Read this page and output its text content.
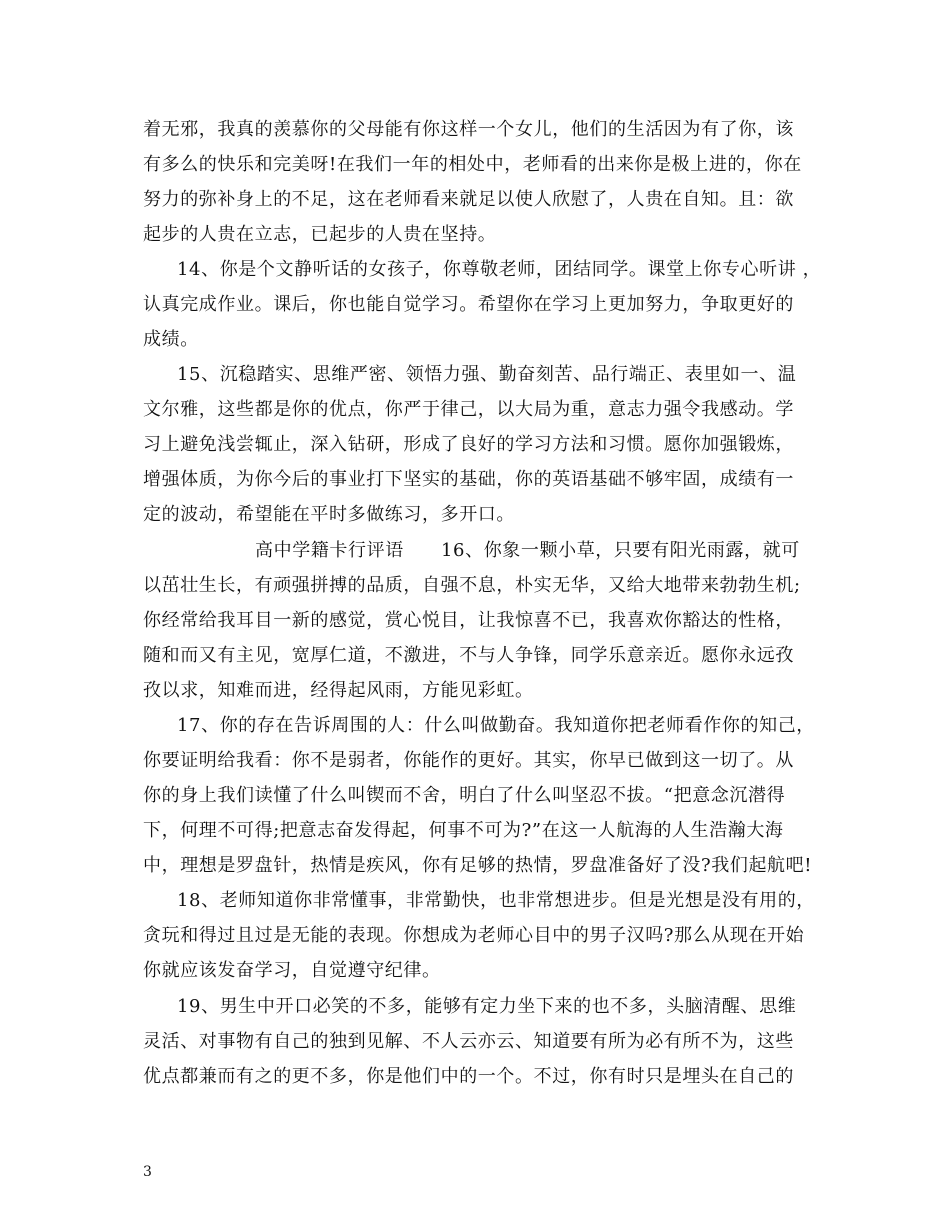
着无邪，我真的羡慕你的父母能有你这样一个女儿，他们的生活因为有了你，该
有多么的快乐和完美呀!在我们一年的相处中，老师看的出来你是极上进的，你在
努力的弥补身上的不足，这在老师看来就足以使人欣慰了，人贵在自知。且：欲
起步的人贵在立志，已起步的人贵在坚持。
14、你是个文静听话的女孩子，你尊敬老师，团结同学。课堂上你专心听讲 ，
认真完成作业。课后，你也能自觉学习。希望你在学习上更加努力，争取更好的
成绩。
15、沉稳踏实、思维严密、领悟力强、勤奋刻苦、品行端正、表里如一、温
文尔雅，这些都是你的优点，你严于律己，以大局为重，意志力强令我感动。学
习上避免浅尝辄止，深入钻研，形成了良好的学习方法和习惯。愿你加强锻炼，
增强体质，为你今后的事业打下坚实的基础，你的英语基础不够牢固，成绩有一
定的波动，希望能在平时多做练习，多开口。
高中学籍卡行评语　　16、你象一颗小草，只要有阳光雨露，就可
以茁壮生长，有顽强拼搏的品质，自强不息，朴实无华，又给大地带来勃勃生机;
你经常给我耳目一新的感觉，赏心悦目，让我惊喜不已，我喜欢你豁达的性格，
随和而又有主见，宽厚仁道，不激进，不与人争锋，同学乐意亲近。愿你永远孜
孜以求，知难而进，经得起风雨，方能见彩虹。
17、你的存在告诉周围的人：什么叫做勤奋。我知道你把老师看作你的知己，
你要证明给我看：你不是弱者，你能作的更好。其实，你早已做到这一切了。从
你的身上我们读懂了什么叫锲而不舍，明白了什么叫坚忍不拔。“把意念沉潜得
下，何理不可得;把意志奋发得起，何事不可为?”在这一人航海的人生浩瀚大海
中，理想是罗盘针，热情是疾风，你有足够的热情，罗盘准备好了没?我们起航吧!
18、老师知道你非常懂事，非常勤快，也非常想进步。但是光想是没有用的，
贪玩和得过且过是无能的表现。你想成为老师心目中的男子汉吗?那么从现在开始
你就应该发奋学习，自觉遵守纪律。
19、男生中开口必笑的不多，能够有定力坐下来的也不多，头脑清醒、思维
灵活、对事物有自己的独到见解、不人云亦云、知道要有所为必有所不为，这些
优点都兼而有之的更不多，你是他们中的一个。不过，你有时只是埋头在自己的
3
